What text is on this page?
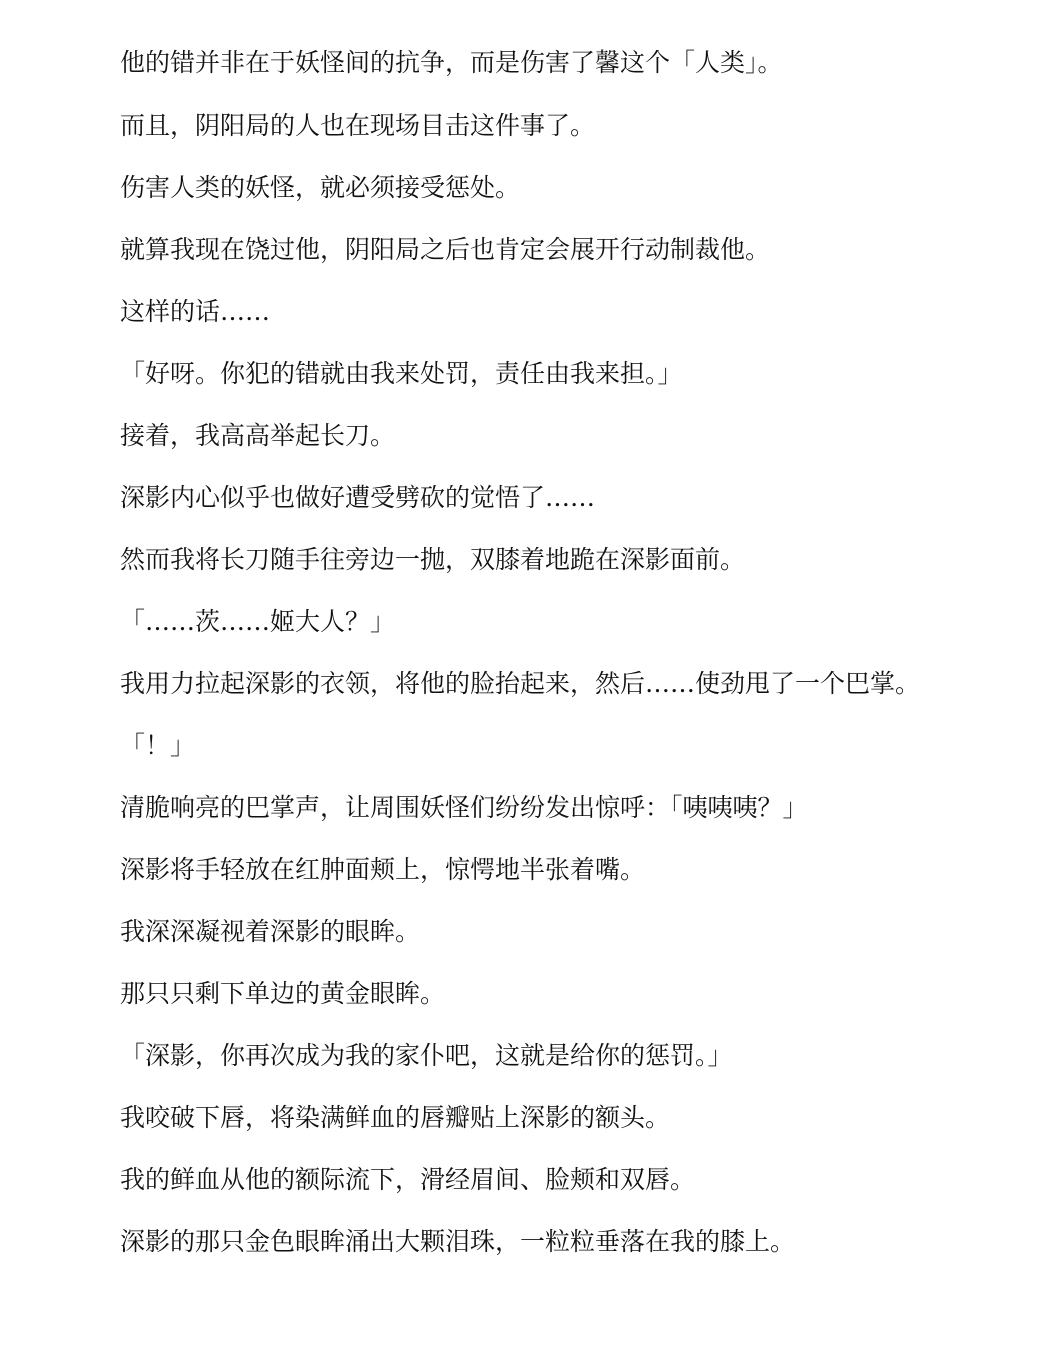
他的错并非在于妖怪间的抗争，而是伤害了馨这个「人类」。

而且，阴阳局的人也在现场目击这件事了。

伤害人类的妖怪，就必须接受惩处。

就算我现在饶过他，阴阳局之后也肯定会展开行动制裁他。

这样的话……

「好呀。你犯的错就由我来处罚，责任由我来担。」

接着，我高高举起长刀。

深影内心似乎也做好遭受劈砍的觉悟了……

然而我将长刀随手往旁边一抛，双膝着地跪在深影面前。

「……茨……姬大人？」

我用力拉起深影的衣领，将他的脸抬起来，然后……使劲甩了一个巴掌。

「！」

清脆响亮的巴掌声，让周围妖怪们纷纷发出惊呼：「咦咦咦？」

深影将手轻放在红肿面颊上，惊愕地半张着嘴。

我深深凝视着深影的眼眸。

那只只剩下单边的黄金眼眸。

「深影，你再次成为我的家仆吧，这就是给你的惩罚。」

我咬破下唇，将染满鲜血的唇瓣贴上深影的额头。

我的鲜血从他的额际流下，滑经眉间、脸颊和双唇。

深影的那只金色眼眸涌出大颗泪珠，一粒粒垂落在我的膝上。
